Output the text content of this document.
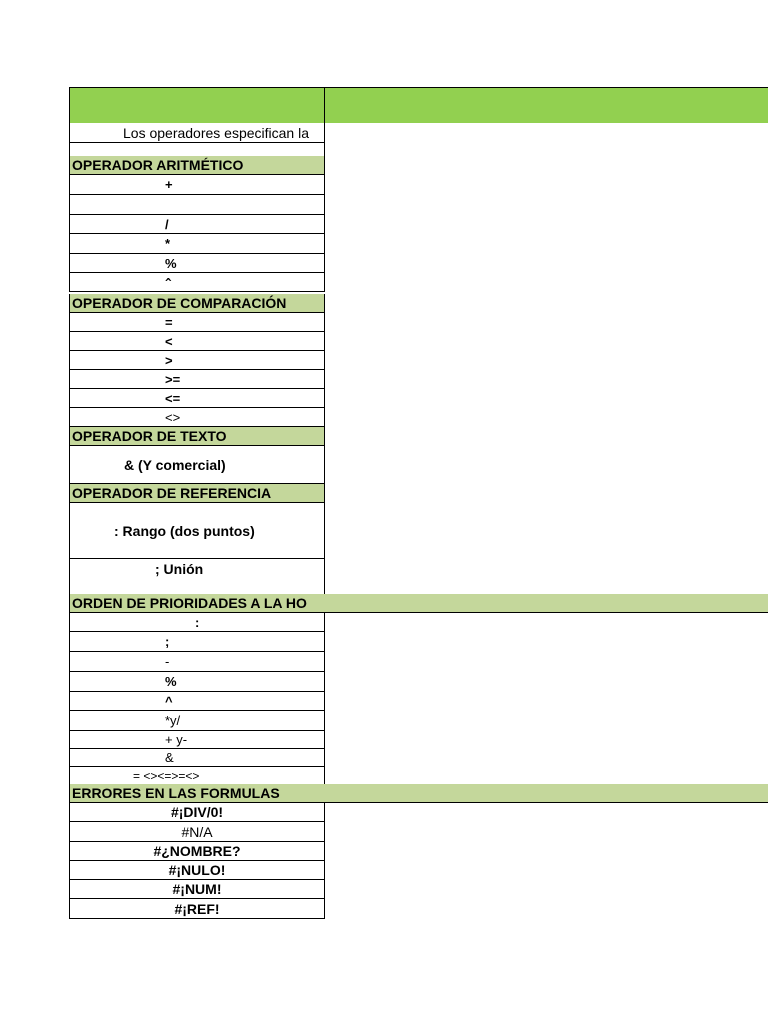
Los operadores especifican la
OPERADOR ARITMÉTICO
+
/
*
%
^
OPERADOR DE COMPARACIÓN
=
<
>
>=
<=
<>
OPERADOR DE TEXTO
& (Y comercial)
OPERADOR DE REFERENCIA
: Rango (dos puntos)
; Unión
ORDEN DE PRIORIDADES A LA HO
:
;
-
%
^
*y/
+ y-
&
= <><=>=<>
ERRORES EN LAS FORMULAS
#¡DIV/0!
#N/A
#¿NOMBRE?
#¡NULO!
#¡NUM!
#¡REF!
